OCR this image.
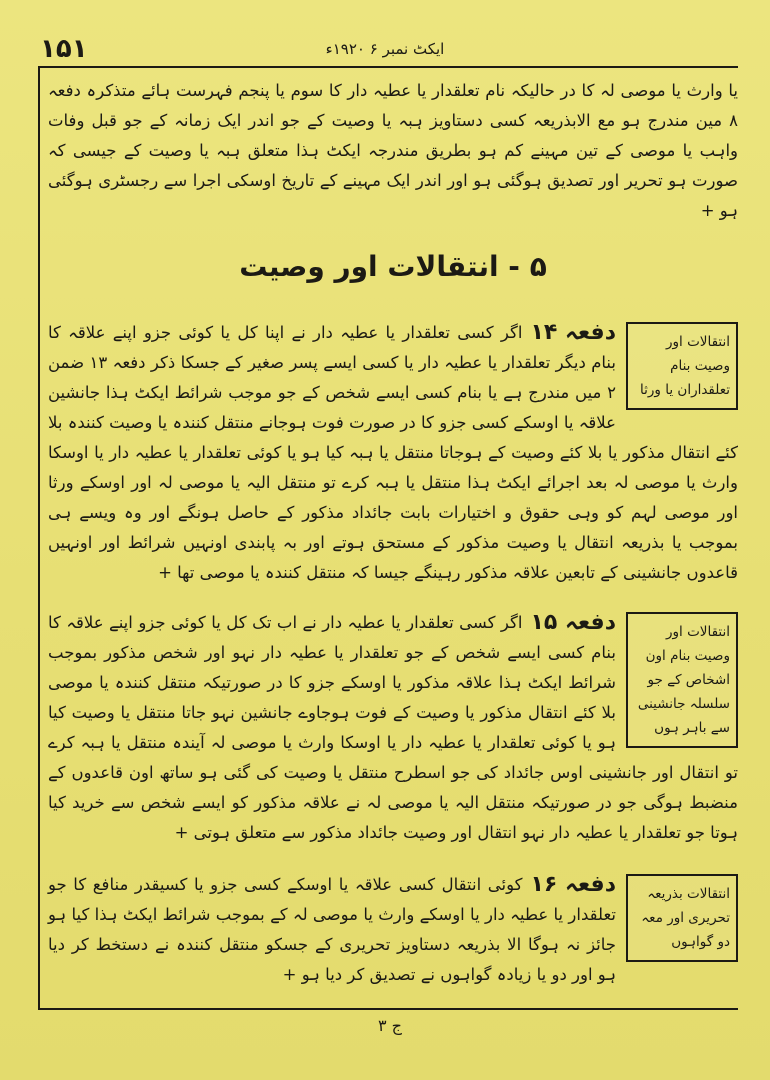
۱۵۱	ایکٹ نمبر ۶ ۱۹۲۰ء

یا وارث یا موصی لہ کا در حالیکہ نام تعلقدار یا عطیہ دار کا سوم یا پنجم فہرست ہائے متذکرہ دفعہ ۸ مین مندرج ہو مع الابذریعہ کسی دستاویز ہبہ یا وصیت کے جو اندر ایک زمانہ کے جو قبل وفات واہب یا موصی کے تین مہینے کم ہو بطریق مندرجہ ایکٹ ہذا متعلق ہبہ یا وصیت کے جیسی کہ صورت ہو تحریر اور تصدیق ہوگئی ہو اور اندر ایک مہینے کے تاریخ اوسکی اجرا سے رجسٹری ہوگئی ہو +

۵ - انتقالات اور وصیت
انتقالات اور وصیت بنام تعلقداران یا ورثا
دفعہ ۱۴
اگر کسی تعلقدار یا عطیہ دار نے اپنا کل یا کوئی جزو اپنے علاقہ کا بنام دیگر تعلقدار یا عطیہ دار یا کسی ایسے پسر صغیر کے جسکا ذکر دفعہ ۱۳ ضمن ۲ میں مندرج ہے یا بنام کسی ایسے شخص کے جو موجب شرائط ایکٹ ہذا جانشین علاقہ یا اوسکے کسی جزو کا در صورت فوت ہوجانے منتقل کنندہ یا وصیت کنندہ بلا کئے انتقال مذکور یا بلا کئے وصیت کے ہوجاتا منتقل یا ہبہ کیا ہو یا کوئی تعلقدار یا عطیہ دار یا اوسکا وارث یا موصی لہ بعد اجرائے ایکٹ ہذا منتقل یا ہبہ کرے تو منتقل الیہ یا موصی لہ اور اوسکے ورثا اور موصی لہم کو وہی حقوق و اختیارات بابت جائداد مذکور کے حاصل ہونگے اور وہ ویسے ہی بموجب یا بذریعہ انتقال یا وصیت مذکور کے مستحق ہوتے اور بہ پابندی اونہیں شرائط اور اونہیں قاعدوں جانشینی کے تابعین علاقہ مذکور رہینگے جیسا کہ منتقل کنندہ یا موصی تھا +
انتقالات اور وصیت بنام اون اشخاص کے جو سلسلہ جانشینی سے باہر ہوں
دفعہ ۱۵
اگر کسی تعلقدار یا عطیہ دار نے اب تک کل یا کوئی جزو اپنے علاقہ کا بنام کسی ایسے شخص کے جو تعلقدار یا عطیہ دار نہو اور شخص مذکور بموجب شرائط ایکٹ ہذا علاقہ مذکور یا اوسکے جزو کا در صورتیکہ منتقل کنندہ یا موصی بلا کئے انتقال مذکور یا وصیت کے فوت ہوجاوے جانشین نہو جاتا منتقل یا وصیت کیا ہو یا کوئی تعلقدار یا عطیہ دار یا اوسکا وارث یا موصی لہ آیندہ منتقل یا ہبہ کرے تو انتقال اور جانشینی اوس جائداد کی جو اسطرح منتقل یا وصیت کی گئی ہو ساتھ اون قاعدوں کے منضبط ہوگی جو در صورتیکہ منتقل الیہ یا موصی لہ نے علاقہ مذکور کو ایسے شخص سے خرید کیا ہوتا جو تعلقدار یا عطیہ دار نہو انتقال اور وصیت جائداد مذکور سے متعلق ہوتی +
انتقالات بذریعہ تحریری اور معہ دو گواہوں
دفعہ ۱۶
کوئی انتقال کسی علاقہ یا اوسکے کسی جزو یا کسیقدر منافع کا جو تعلقدار یا عطیہ دار یا اوسکے وارث یا موصی لہ کے بموجب شرائط ایکٹ ہذا کیا ہو جائز نہ ہوگا الا بذریعہ دستاویز تحریری کے جسکو منتقل کنندہ نے دستخط کر دیا ہو اور دو یا زیادہ گواہوں نے تصدیق کر دیا ہو +
ج ۳
